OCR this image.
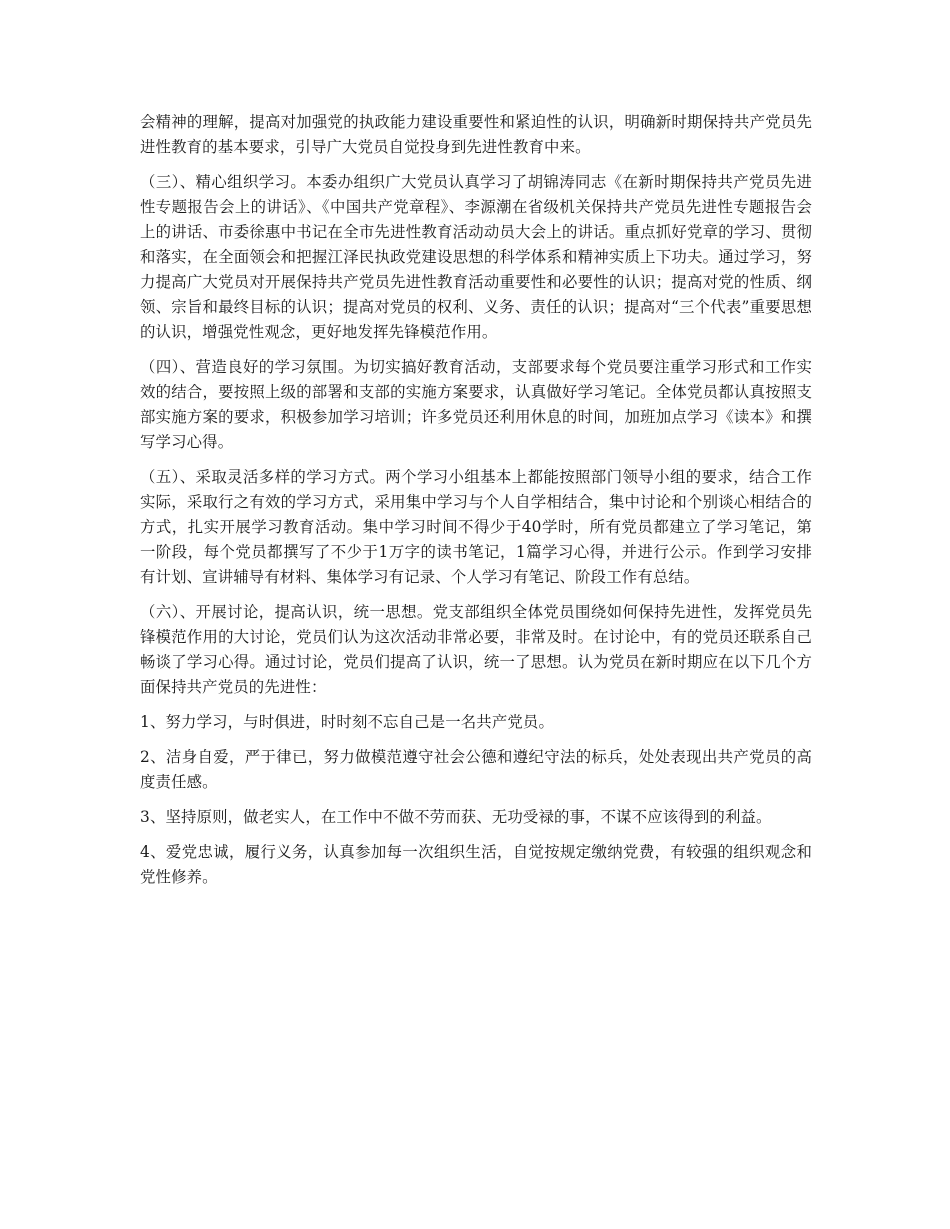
会精神的理解，提高对加强党的执政能力建设重要性和紧迫性的认识，明确新时期保持共产党员先进性教育的基本要求，引导广大党员自觉投身到先进性教育中来。

（三）、精心组织学习。本委办组织广大党员认真学习了胡锦涛同志《在新时期保持共产党员先进性专题报告会上的讲话》、《中国共产党章程》、李源潮在省级机关保持共产党员先进性专题报告会上的讲话、市委徐惠中书记在全市先进性教育活动动员大会上的讲话。重点抓好党章的学习、贯彻和落实，在全面领会和把握江泽民执政党建设思想的科学体系和精神实质上下功夫。通过学习，努力提高广大党员对开展保持共产党员先进性教育活动重要性和必要性的认识；提高对党的性质、纲领、宗旨和最终目标的认识；提高对党员的权利、义务、责任的认识；提高对“三个代表”重要思想的认识，增强党性观念，更好地发挥先锋模范作用。

（四）、营造良好的学习氛围。为切实搞好教育活动，支部要求每个党员要注重学习形式和工作实效的结合，要按照上级的部署和支部的实施方案要求，认真做好学习笔记。全体党员都认真按照支部实施方案的要求，积极参加学习培训；许多党员还利用休息的时间，加班加点学习《读本》和撰写学习心得。

（五）、采取灵活多样的学习方式。两个学习小组基本上都能按照部门领导小组的要求，结合工作实际，采取行之有效的学习方式，采用集中学习与个人自学相结合，集中讨论和个别谈心相结合的方式，扎实开展学习教育活动。集中学习时间不得少于40学时，所有党员都建立了学习笔记，第一阶段，每个党员都撰写了不少于1万字的读书笔记，1篇学习心得，并进行公示。作到学习安排有计划、宣讲辅导有材料、集体学习有记录、个人学习有笔记、阶段工作有总结。

（六）、开展讨论，提高认识，统一思想。党支部组织全体党员围绕如何保持先进性，发挥党员先锋模范作用的大讨论，党员们认为这次活动非常必要，非常及时。在讨论中，有的党员还联系自己畅谈了学习心得。通过讨论，党员们提高了认识，统一了思想。认为党员在新时期应在以下几个方面保持共产党员的先进性：

1、努力学习，与时俱进，时时刻不忘自己是一名共产党员。

2、洁身自爱，严于律已，努力做模范遵守社会公德和遵纪守法的标兵，处处表现出共产党员的高度责任感。

3、坚持原则，做老实人，在工作中不做不劳而获、无功受禄的事，不谋不应该得到的利益。

4、爱党忠诚，履行义务，认真参加每一次组织生活，自觉按规定缴纳党费，有较强的组织观念和党性修养。
